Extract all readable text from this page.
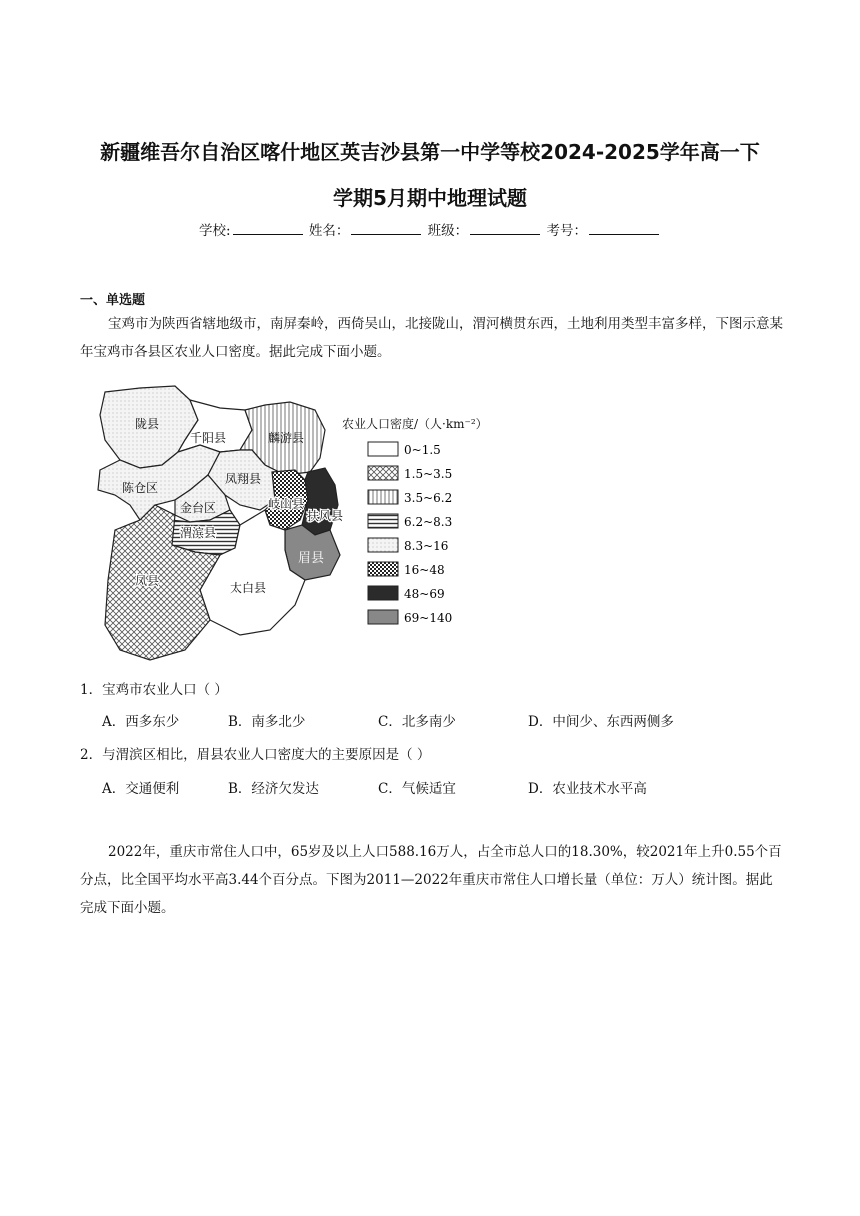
新疆维吾尔自治区喀什地区英吉沙县第一中学等校2024-2025学年高一下
学期5月期中地理试题
学校:	姓名：	班级：	考号：
一、单选题
宝鸡市为陕西省辖地级市，南屏秦岭，西倚吴山，北接陇山，渭河横贯东西，土地利用类型丰富多样，下图示意某年宝鸡市各县区农业人口密度。据此完成下面小题。
陇县
千阳县	麟游县
陈仓区
凤翔县
金台区
渭滨县
岐山县
扶风县
眉县
凤县	太白县
农业人口密度/（人·km⁻²）
0~1.5
1.5~3.5
3.5~6.2
6.2~8.3
8.3~16
16~48
48~69
69~140
1．宝鸡市农业人口（ ）
A．西多东少	B．南多北少	C．北多南少	D．中间少、东西两侧多
2．与渭滨区相比，眉县农业人口密度大的主要原因是（ ）
A．交通便利	B．经济欠发达	C．气候适宜	D．农业技术水平高
2022年，重庆市常住人口中，65岁及以上人口588.16万人，占全市总人口的18.30%，较2021年上升0.55个百分点，比全国平均水平高3.44个百分点。下图为2011—2022年重庆市常住人口增长量（单位：万人）统计图。据此完成下面小题。
